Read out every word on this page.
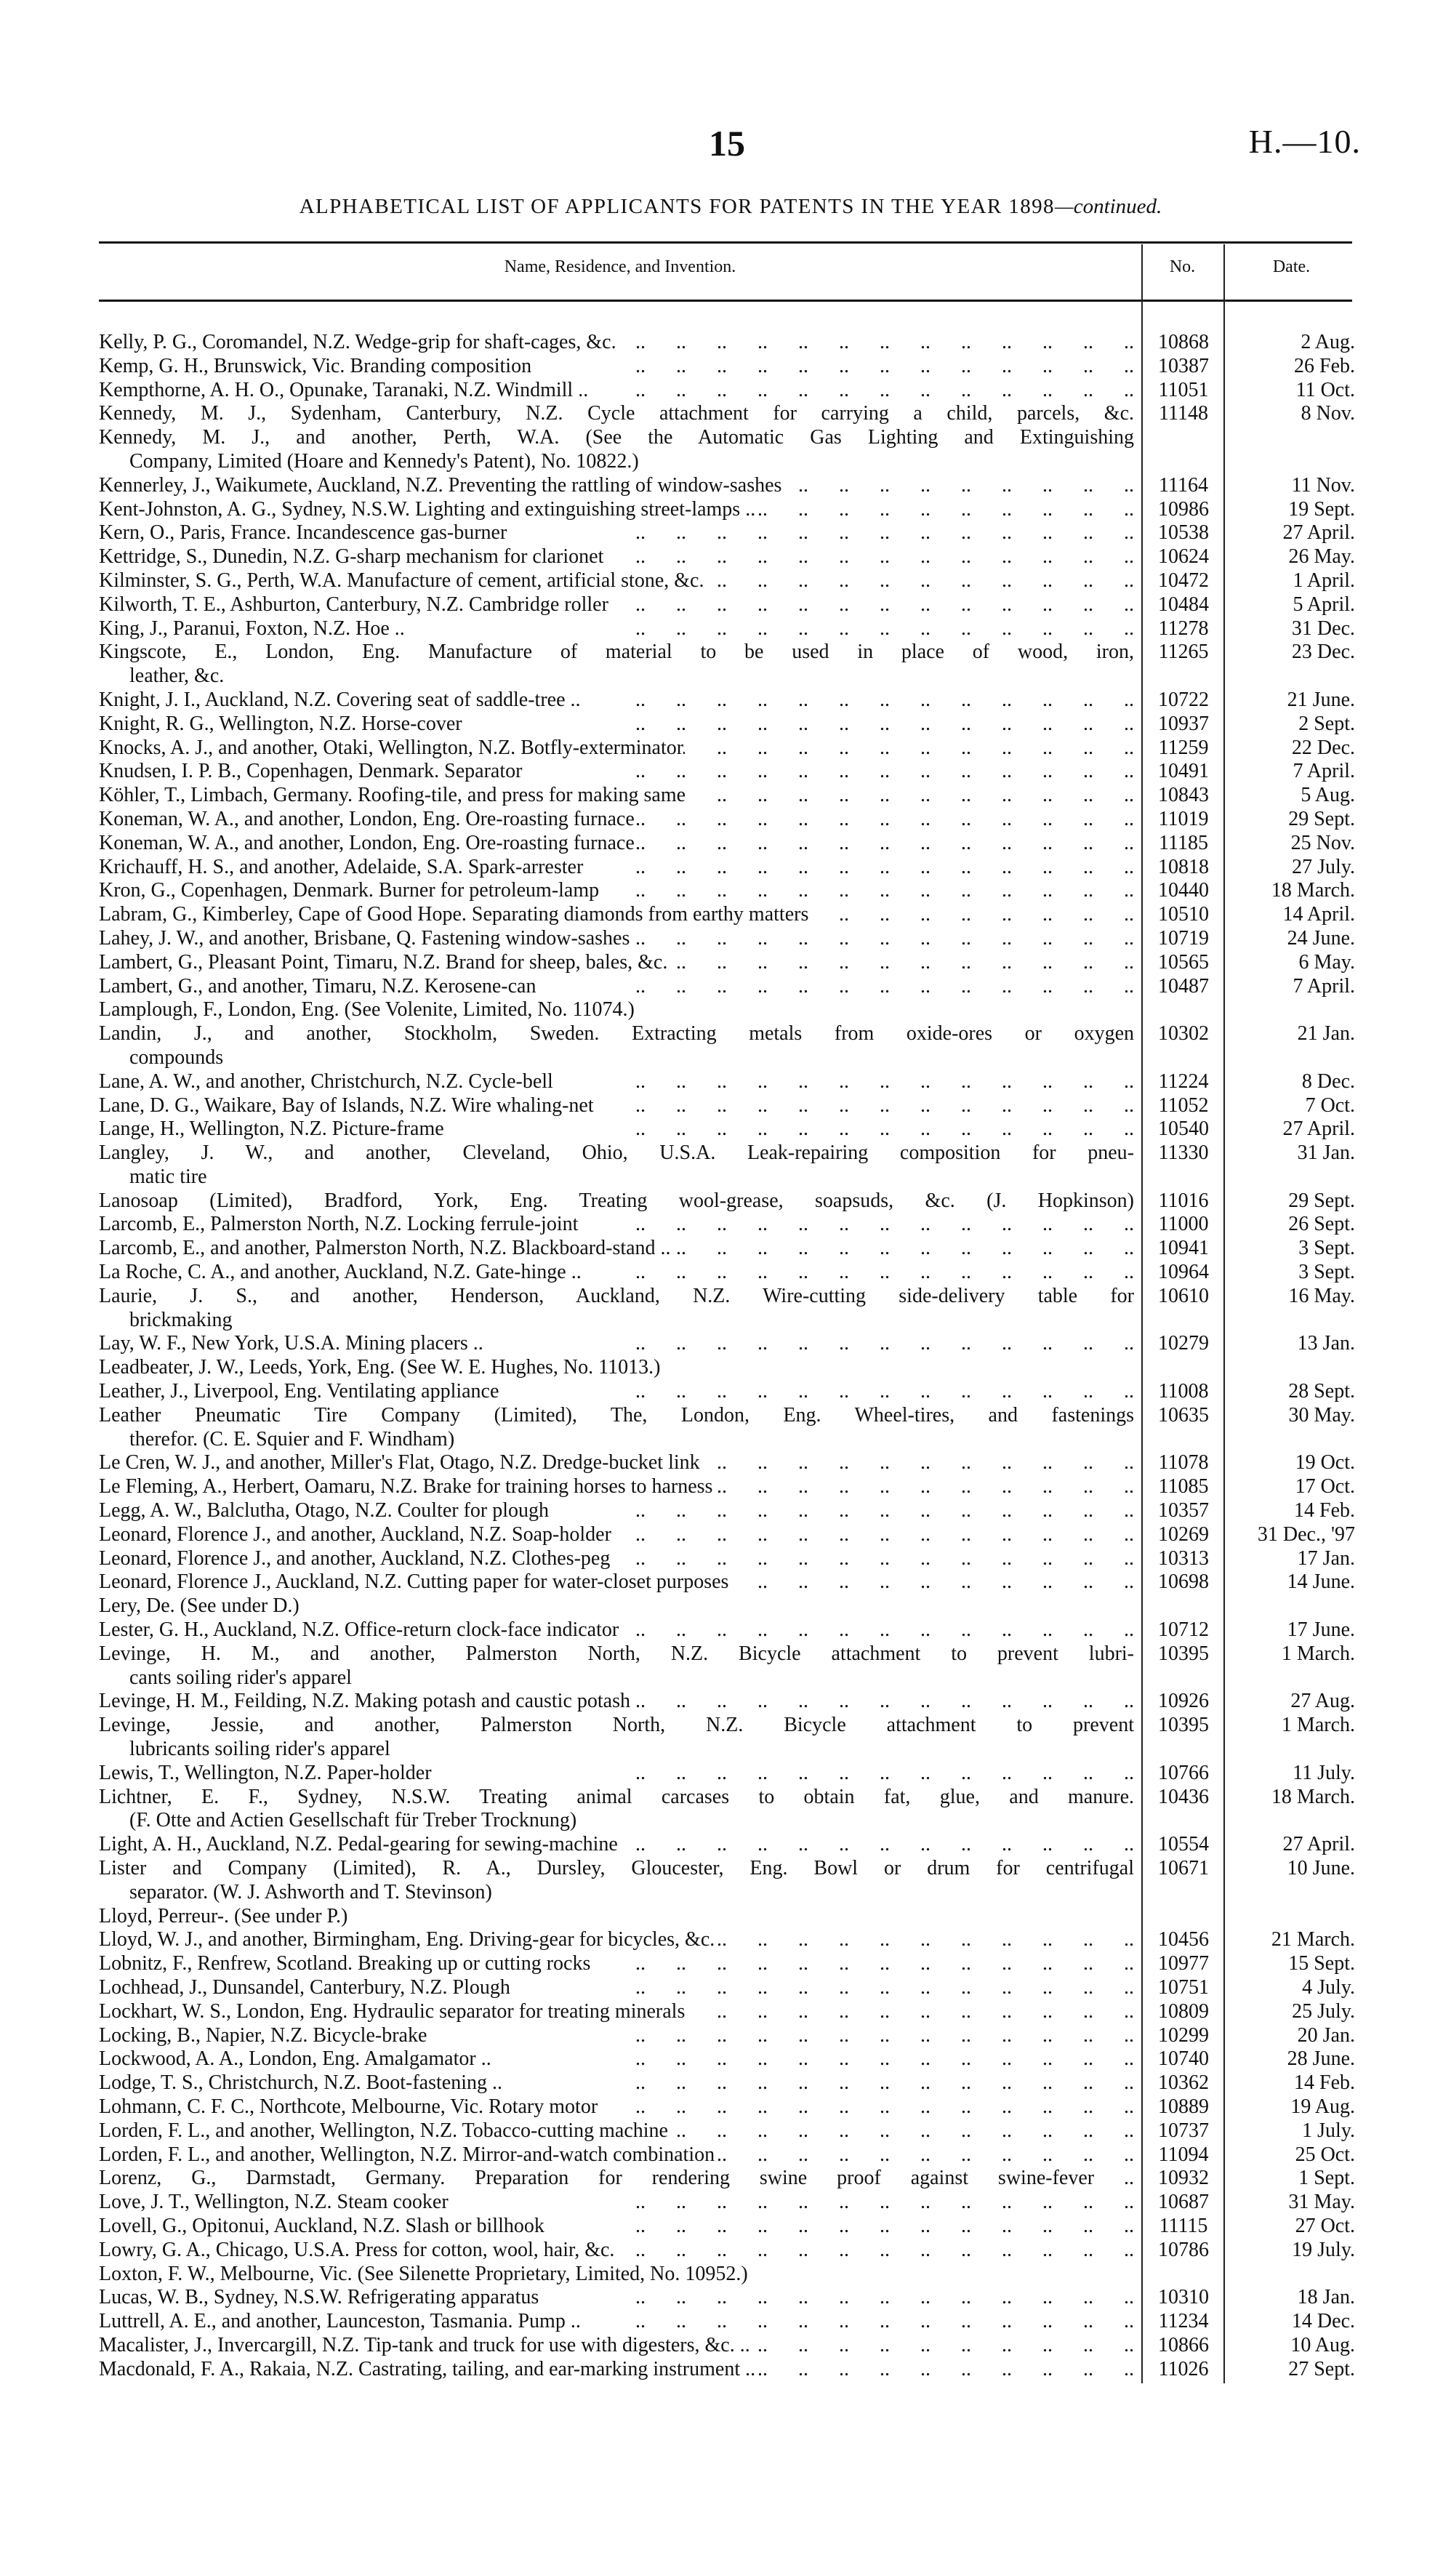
15	H.—10.
ALPHABETICAL LIST OF APPLICANTS FOR PATENTS IN THE YEAR 1898—continued.
Name, Residence, and Invention.	No.	Date.
Kelly, P. G., Coromandel, N.Z. Wedge-grip for shaft-cages, &c. ..	10868	2 Aug.
Kemp, G. H., Brunswick, Vic. Branding composition ..	10387	26 Feb.
Kempthorne, A. H. O., Opunake, Taranaki, N.Z. Windmill .. ..	11051	11 Oct.
Kennedy, M. J., Sydenham, Canterbury, N.Z. Cycle attachment for carrying a child, parcels, &c.	11148	8 Nov.
Kennedy, M. J., and another, Perth, W.A. (See the Automatic Gas Lighting and Extinguishing
Company, Limited (Hoare and Kennedy's Patent), No. 10822.)
Kennerley, J., Waikumete, Auckland, N.Z. Preventing the rattling of window-sashes ..	11164	11 Nov.
Kent-Johnston, A. G., Sydney, N.S.W. Lighting and extinguishing street-lamps .. ..	10986	19 Sept.
Kern, O., Paris, France. Incandescence gas-burner ..	10538	27 April.
Kettridge, S., Dunedin, N.Z. G-sharp mechanism for clarionet ..	10624	26 May.
Kilminster, S. G., Perth, W.A. Manufacture of cement, artificial stone, &c. ..	10472	1 April.
Kilworth, T. E., Ashburton, Canterbury, N.Z. Cambridge roller ..	10484	5 April.
King, J., Paranui, Foxton, N.Z. Hoe .. ..	11278	31 Dec.
Kingscote, E., London, Eng. Manufacture of material to be used in place of wood, iron,	11265	23 Dec.
leather, &c.
Knight, J. I., Auckland, N.Z. Covering seat of saddle-tree .. ..	10722	21 June.
Knight, R. G., Wellington, N.Z. Horse-cover ..	10937	2 Sept.
Knocks, A. J., and another, Otaki, Wellington, N.Z. Botfly-exterminator ..	11259	22 Dec.
Knudsen, I. P. B., Copenhagen, Denmark. Separator ..	10491	7 April.
Köhler, T., Limbach, Germany. Roofing-tile, and press for making same ..	10843	5 Aug.
Koneman, W. A., and another, London, Eng. Ore-roasting furnace ..	11019	29 Sept.
Koneman, W. A., and another, London, Eng. Ore-roasting furnace ..	11185	25 Nov.
Krichauff, H. S., and another, Adelaide, S.A. Spark-arrester ..	10818	27 July.
Kron, G., Copenhagen, Denmark. Burner for petroleum-lamp ..	10440	18 March.
Labram, G., Kimberley, Cape of Good Hope. Separating diamonds from earthy matters ..	10510	14 April.
Lahey, J. W., and another, Brisbane, Q. Fastening window-sashes ..	10719	24 June.
Lambert, G., Pleasant Point, Timaru, N.Z. Brand for sheep, bales, &c. ..	10565	6 May.
Lambert, G., and another, Timaru, N.Z. Kerosene-can ..	10487	7 April.
Lamplough, F., London, Eng. (See Volenite, Limited, No. 11074.)
Landin, J., and another, Stockholm, Sweden. Extracting metals from oxide-ores or oxygen	10302	21 Jan.
compounds
Lane, A. W., and another, Christchurch, N.Z. Cycle-bell ..	11224	8 Dec.
Lane, D. G., Waikare, Bay of Islands, N.Z. Wire whaling-net ..	11052	7 Oct.
Lange, H., Wellington, N.Z. Picture-frame ..	10540	27 April.
Langley, J. W., and another, Cleveland, Ohio, U.S.A. Leak-repairing composition for pneu-	11330	31 Jan.
matic tire
Lanosoap (Limited), Bradford, York, Eng. Treating wool-grease, soapsuds, &c. (J. Hopkinson)	11016	29 Sept.
Larcomb, E., Palmerston North, N.Z. Locking ferrule-joint ..	11000	26 Sept.
Larcomb, E., and another, Palmerston North, N.Z. Blackboard-stand .. ..	10941	3 Sept.
La Roche, C. A., and another, Auckland, N.Z. Gate-hinge .. ..	10964	3 Sept.
Laurie, J. S., and another, Henderson, Auckland, N.Z. Wire-cutting side-delivery table for	10610	16 May.
brickmaking
Lay, W. F., New York, U.S.A. Mining placers .. ..	10279	13 Jan.
Leadbeater, J. W., Leeds, York, Eng. (See W. E. Hughes, No. 11013.)
Leather, J., Liverpool, Eng. Ventilating appliance ..	11008	28 Sept.
Leather Pneumatic Tire Company (Limited), The, London, Eng. Wheel-tires, and fastenings	10635	30 May.
therefor. (C. E. Squier and F. Windham)
Le Cren, W. J., and another, Miller's Flat, Otago, N.Z. Dredge-bucket link ..	11078	19 Oct.
Le Fleming, A., Herbert, Oamaru, N.Z. Brake for training horses to harness ..	11085	17 Oct.
Legg, A. W., Balclutha, Otago, N.Z. Coulter for plough ..	10357	14 Feb.
Leonard, Florence J., and another, Auckland, N.Z. Soap-holder ..	10269	31 Dec., '97
Leonard, Florence J., and another, Auckland, N.Z. Clothes-peg ..	10313	17 Jan.
Leonard, Florence J., Auckland, N.Z. Cutting paper for water-closet purposes ..	10698	14 June.
Lery, De. (See under D.)
Lester, G. H., Auckland, N.Z. Office-return clock-face indicator ..	10712	17 June.
Levinge, H. M., and another, Palmerston North, N.Z. Bicycle attachment to prevent lubri-	10395	1 March.
cants soiling rider's apparel
Levinge, H. M., Feilding, N.Z. Making potash and caustic potash ..	10926	27 Aug.
Levinge, Jessie, and another, Palmerston North, N.Z. Bicycle attachment to prevent	10395	1 March.
lubricants soiling rider's apparel
Lewis, T., Wellington, N.Z. Paper-holder ..	10766	11 July.
Lichtner, E. F., Sydney, N.S.W. Treating animal carcases to obtain fat, glue, and manure.	10436	18 March.
(F. Otte and Actien Gesellschaft für Treber Trocknung)
Light, A. H., Auckland, N.Z. Pedal-gearing for sewing-machine ..	10554	27 April.
Lister and Company (Limited), R. A., Dursley, Gloucester, Eng. Bowl or drum for centrifugal	10671	10 June.
separator. (W. J. Ashworth and T. Stevinson)
Lloyd, Perreur-. (See under P.)
Lloyd, W. J., and another, Birmingham, Eng. Driving-gear for bicycles, &c. ..	10456	21 March.
Lobnitz, F., Renfrew, Scotland. Breaking up or cutting rocks ..	10977	15 Sept.
Lochhead, J., Dunsandel, Canterbury, N.Z. Plough ..	10751	4 July.
Lockhart, W. S., London, Eng. Hydraulic separator for treating minerals ..	10809	25 July.
Locking, B., Napier, N.Z. Bicycle-brake ..	10299	20 Jan.
Lockwood, A. A., London, Eng. Amalgamator .. ..	10740	28 June.
Lodge, T. S., Christchurch, N.Z. Boot-fastening .. ..	10362	14 Feb.
Lohmann, C. F. C., Northcote, Melbourne, Vic. Rotary motor ..	10889	19 Aug.
Lorden, F. L., and another, Wellington, N.Z. Tobacco-cutting machine ..	10737	1 July.
Lorden, F. L., and another, Wellington, N.Z. Mirror-and-watch combination ..	11094	25 Oct.
Lorenz, G., Darmstadt, Germany. Preparation for rendering swine proof against swine-fever ..	10932	1 Sept.
Love, J. T., Wellington, N.Z. Steam cooker ..	10687	31 May.
Lovell, G., Opitonui, Auckland, N.Z. Slash or billhook ..	11115	27 Oct.
Lowry, G. A., Chicago, U.S.A. Press for cotton, wool, hair, &c. ..	10786	19 July.
Loxton, F. W., Melbourne, Vic. (See Silenette Proprietary, Limited, No. 10952.)
Lucas, W. B., Sydney, N.S.W. Refrigerating apparatus ..	10310	18 Jan.
Luttrell, A. E., and another, Launceston, Tasmania. Pump .. ..	11234	14 Dec.
Macalister, J., Invercargill, N.Z. Tip-tank and truck for use with digesters, &c. .. ..	10866	10 Aug.
Macdonald, F. A., Rakaia, N.Z. Castrating, tailing, and ear-marking instrument .. ..	11026	27 Sept.
